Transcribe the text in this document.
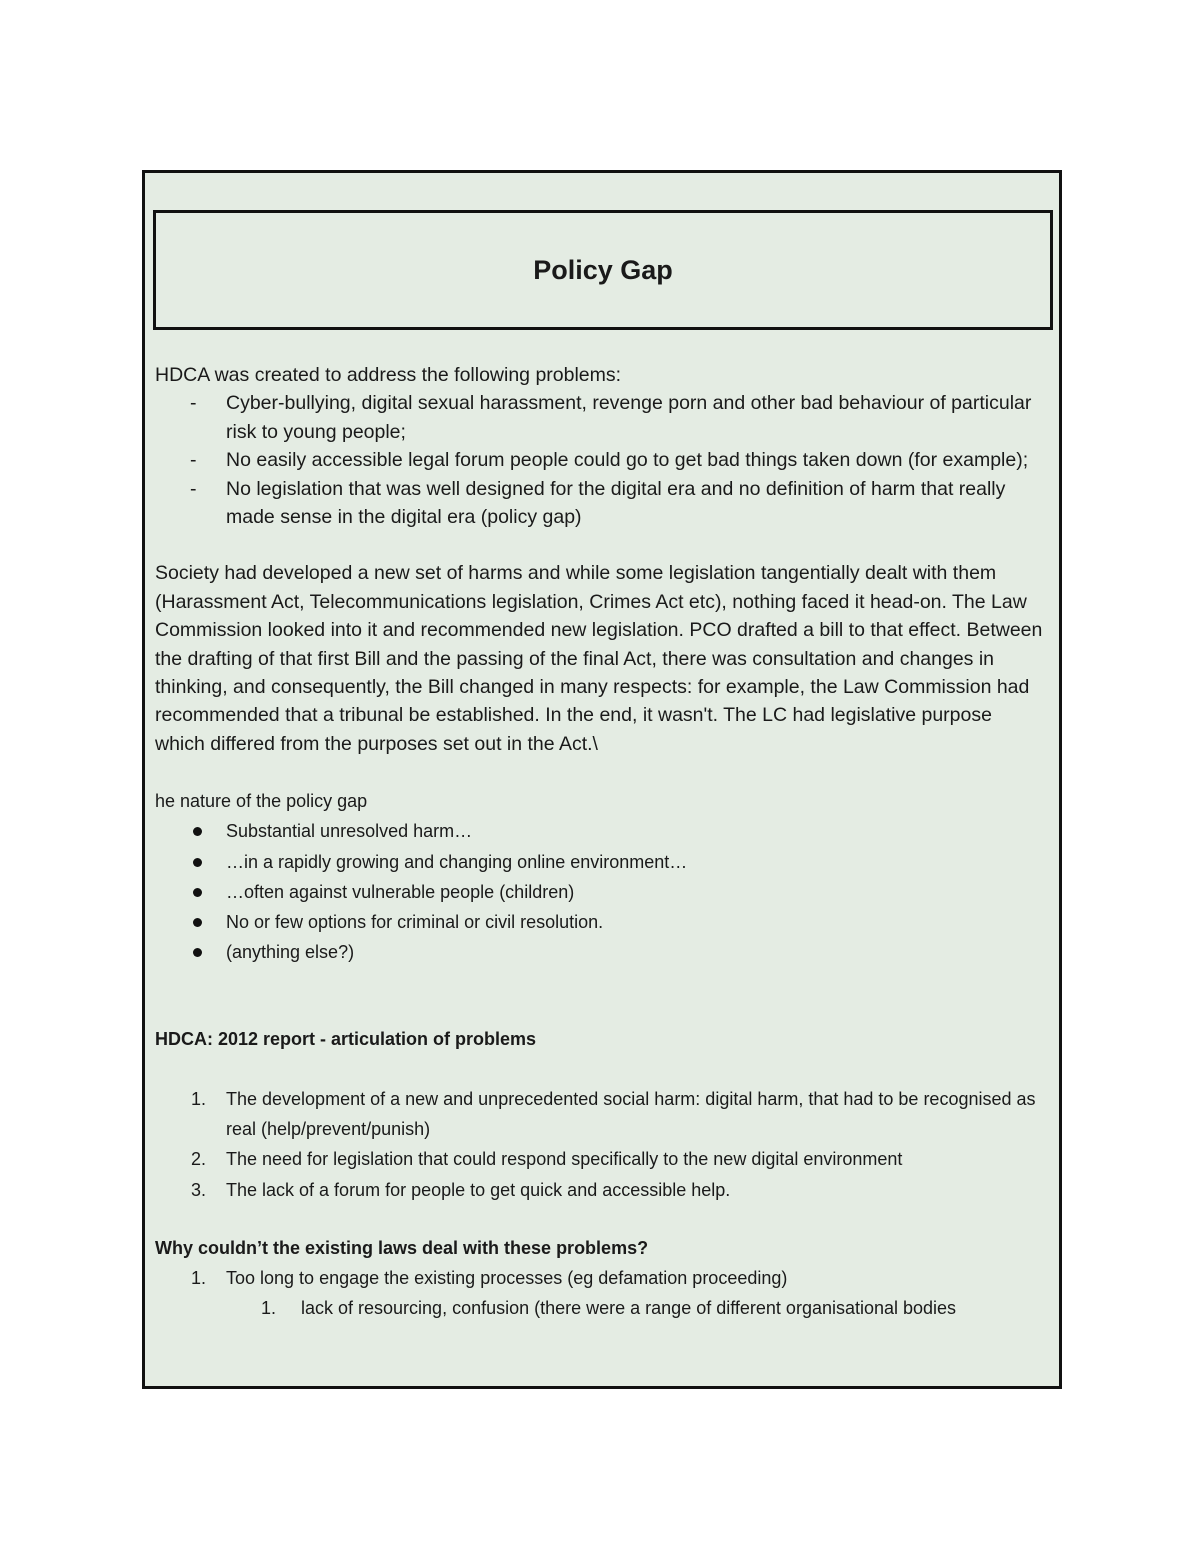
Policy Gap

HDCA was created to address the following problems:

- Cyber-bullying, digital sexual harassment, revenge porn and other bad behaviour of particular risk to young people;
- No easily accessible legal forum people could go to get bad things taken down (for example);
- No legislation that was well designed for the digital era and no definition of harm that really made sense in the digital era (policy gap)

Society had developed a new set of harms and while some legislation tangentially dealt with them (Harassment Act, Telecommunications legislation, Crimes Act etc), nothing faced it head-on. The Law Commission looked into it and recommended new legislation. PCO drafted a bill to that effect. Between the drafting of that first Bill and the passing of the final Act, there was consultation and changes in thinking, and consequently, the Bill changed in many respects: for example, the Law Commission had recommended that a tribunal be established. In the end, it wasn't. The LC had legislative purpose which differed from the purposes set out in the Act.\

he nature of the policy gap

Substantial unresolved harm…
…in a rapidly growing and changing online environment…
…often against vulnerable people (children)
No or few options for criminal or civil resolution.
(anything else?)

HDCA: 2012 report - articulation of problems

1. The development of a new and unprecedented social harm: digital harm, that had to be recognised as real (help/prevent/punish)
2. The need for legislation that could respond specifically to the new digital environment
3. The lack of a forum for people to get quick and accessible help.

Why couldn’t the existing laws deal with these problems?

1. Too long to engage the existing processes (eg defamation proceeding)
1. lack of resourcing, confusion (there were a range of different organisational bodies
